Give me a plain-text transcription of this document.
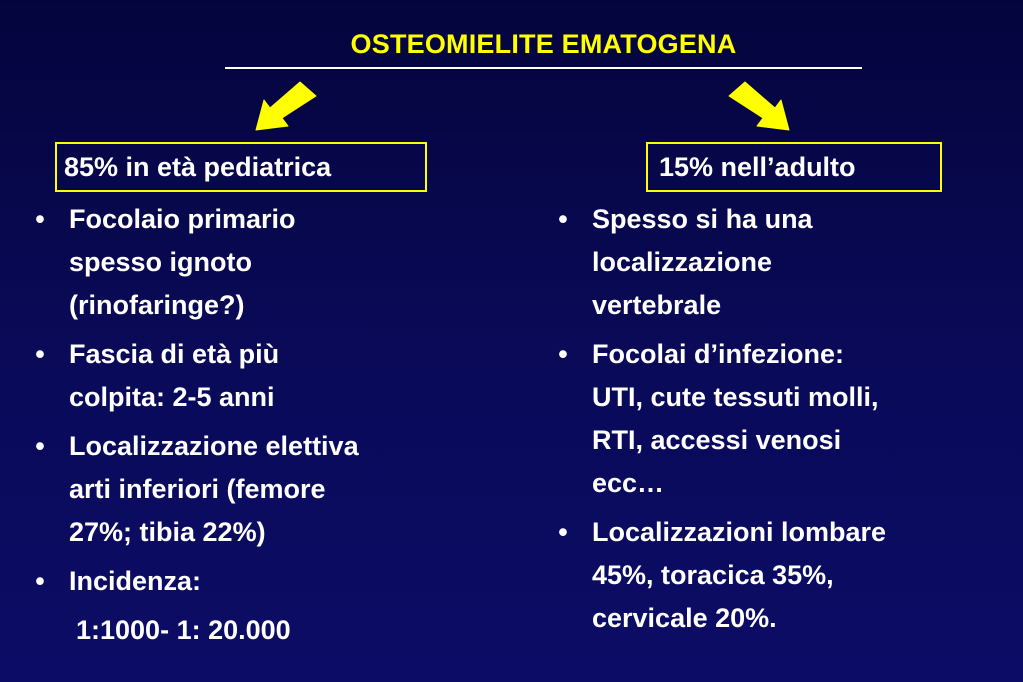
OSTEOMIELITE EMATOGENA
85% in età pediatrica	15% nell’adulto
• Focolaio primario
spesso ignoto
(rinofaringe?)
• Fascia di età più
colpita: 2-5 anni
• Localizzazione elettiva
arti inferiori (femore
27%; tibia 22%)
• Incidenza:
1:1000- 1: 20.000
• Spesso si ha una
localizzazione
vertebrale
• Focolai d’infezione:
UTI, cute tessuti molli,
RTI, accessi venosi
ecc…
• Localizzazioni lombare
45%, toracica 35%,
cervicale 20%.
